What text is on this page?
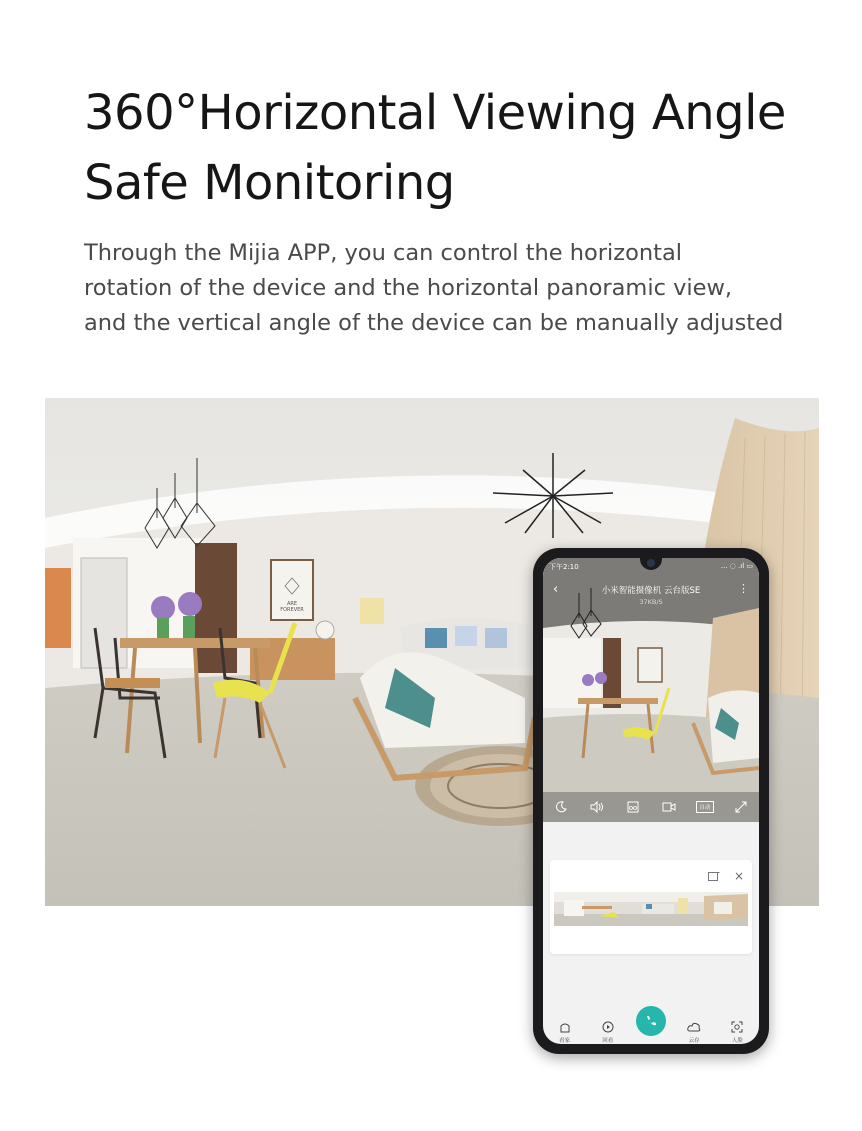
360°Horizontal Viewing Angle
Safe Monitoring

Through the Mijia APP, you can control the horizontal
rotation of the device and the horizontal panoramic view,
and the vertical angle of the device can be manually adjusted

ARE
FOREVER
下午2:10	... ◌ .ıl ▭
‹	小米智能摄像机 云台版SE
37KB/S
⋮
自动
×
看家	回看	云存	人脸
